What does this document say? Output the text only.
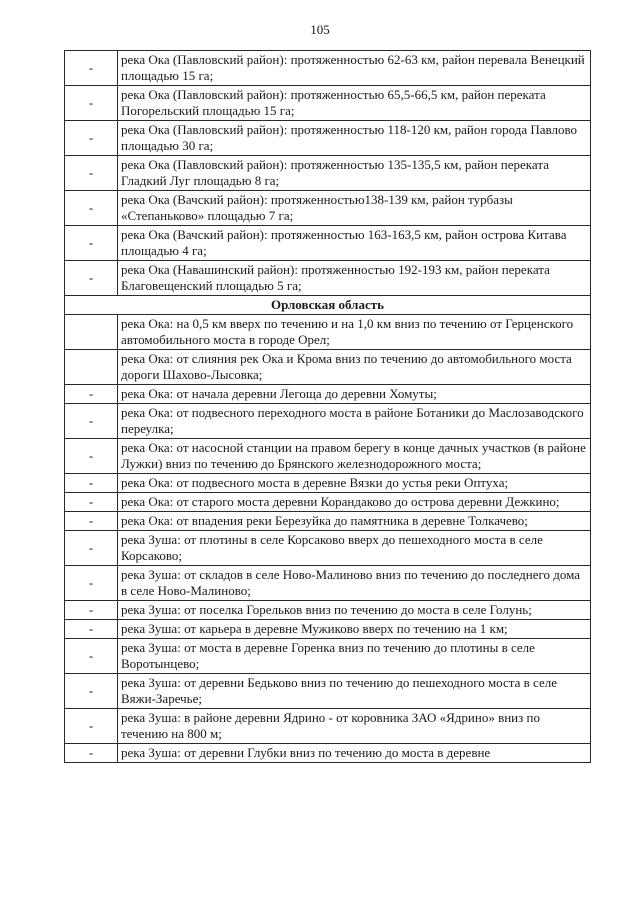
105
-	река Ока (Павловский район): протяженностью 62-63 км, район перевала Венецкий площадью 15 га;
-	река Ока (Павловский район): протяженностью 65,5-66,5 км, район переката Погорельский площадью 15 га;
-	река Ока (Павловский район): протяженностью 118-120 км, район города Павлово площадью 30 га;
-	река Ока (Павловский район): протяженностью 135-135,5 км, район переката Гладкий Луг площадью 8 га;
-	река Ока (Вачский район): протяженностью138-139 км, район турбазы «Степаньково» площадью 7 га;
-	река Ока (Вачский район): протяженностью 163-163,5 км, район острова Китава площадью 4 га;
-	река Ока (Навашинский район): протяженностью 192-193 км, район переката Благовещенский площадью 5 га;
Орловская область	
	река Ока: на 0,5 км вверх по течению и на 1,0 км вниз по течению от Герценского автомобильного моста в городе Орел;
	река Ока: от слияния рек Ока и Крома вниз по течению до автомобильного моста дороги Шахово-Лысовка;
-	река Ока: от начала деревни Легоща до деревни Хомуты;
-	река Ока: от подвесного переходного моста в районе Ботаники до Маслозаводского переулка;
-	река Ока: от насосной станции на правом берегу в конце дачных участков (в районе Лужки) вниз по течению до Брянского железнодорожного моста;
-	река Ока: от подвесного моста в деревне Вязки до устья реки Оптуха;
-	река Ока: от старого моста деревни Корандаково до острова деревни Дежкино;
-	река Ока: от впадения реки Березуйка до памятника в деревне Толкачево;
-	река Зуша: от плотины в селе Корсаково вверх до пешеходного моста в селе Корсаково;
-	река Зуша: от складов в селе Ново-Малиново вниз по течению до последнего дома в селе Ново-Малиново;
-	река Зуша: от поселка Горельков вниз по течению до моста в селе Голунь;
-	река Зуша: от карьера в деревне Мужиково вверх по течению на 1 км;
-	река Зуша: от моста в деревне Горенка вниз по течению до плотины в селе Воротынцево;
-	река Зуша: от деревни Бедьково вниз по течению до пешеходного моста в селе Вяжи-Заречье;
-	река Зуша: в районе деревни Ядрино - от коровника ЗАО «Ядрино» вниз по течению на 800 м;
-	река Зуша: от деревни Глубки вниз по течению до моста в деревне
